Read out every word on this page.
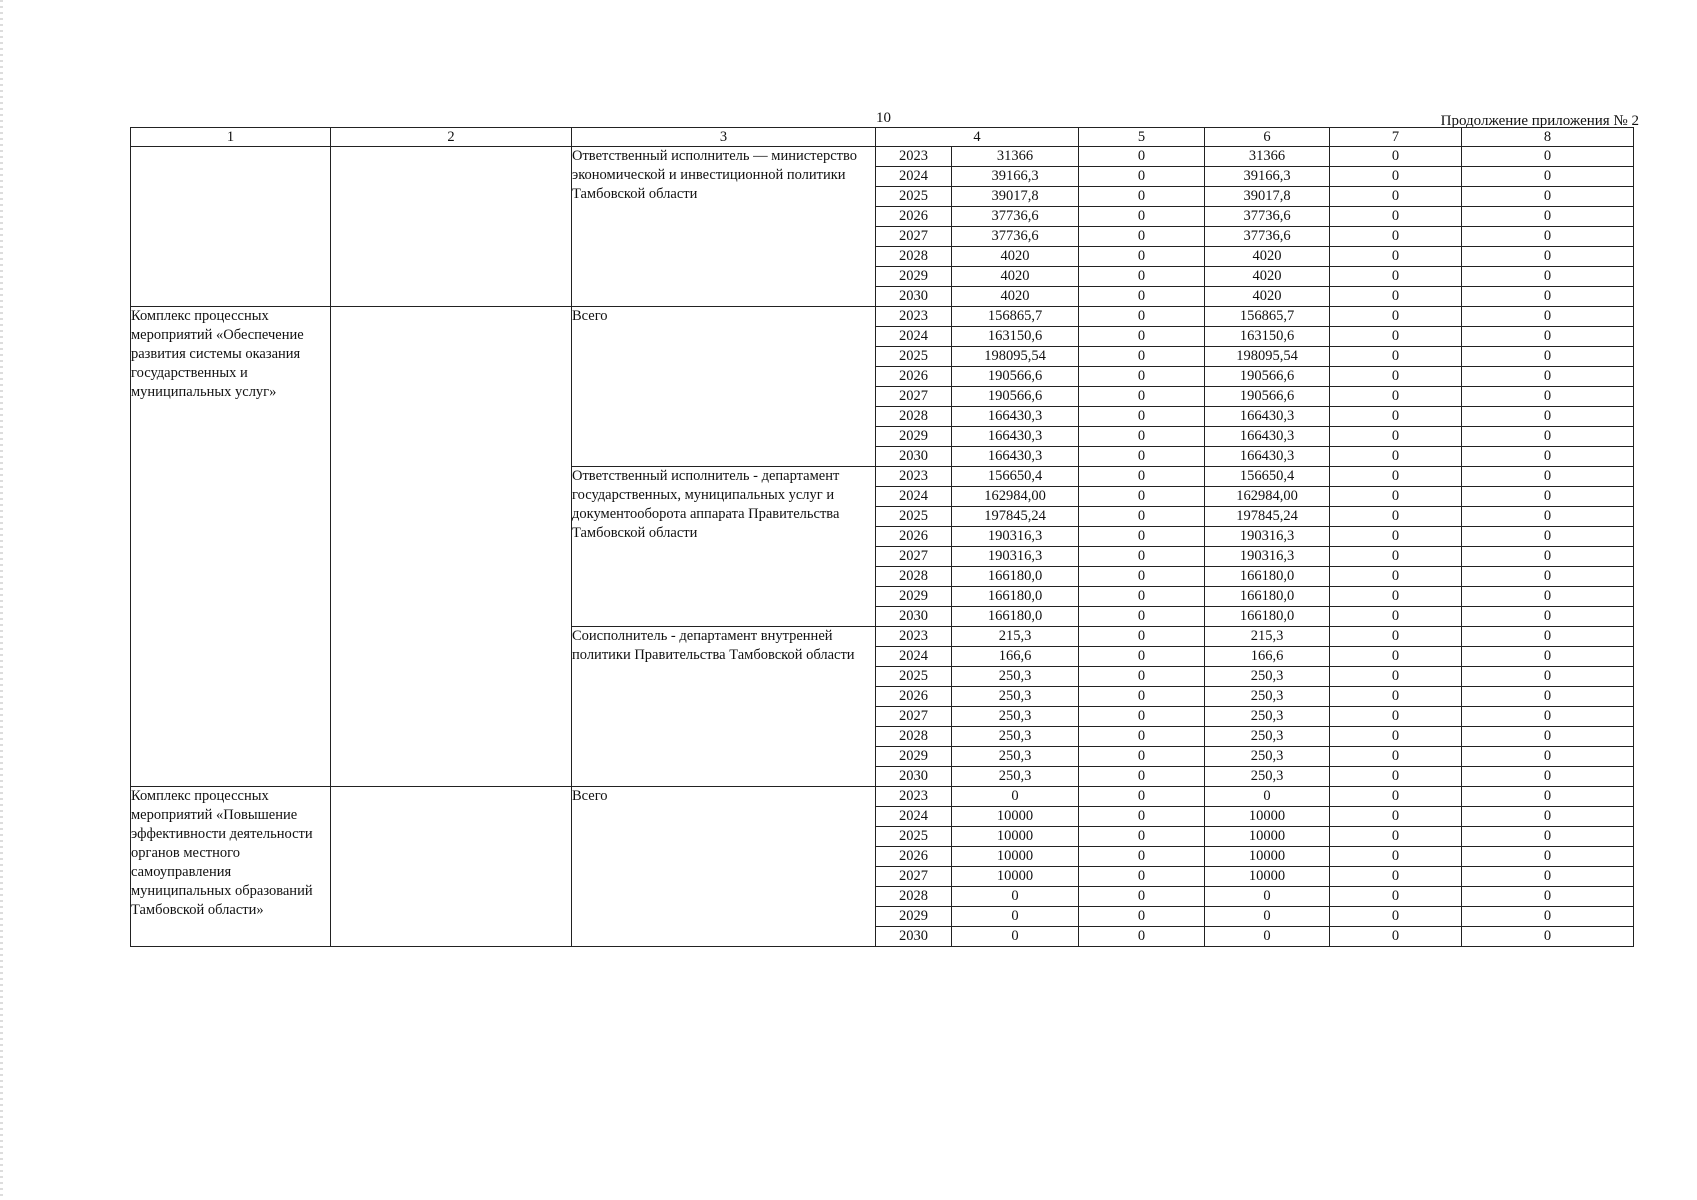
10	Продолжение приложения № 2
1	2	3	4		5	6	7	8
		Ответственный исполнитель — министерство экономической и инвестиционной политики Тамбовской области	2023	31366	0	31366	0	0
			2024	39166,3	0	39166,3	0	0
			2025	39017,8	0	39017,8	0	0
			2026	37736,6	0	37736,6	0	0
			2027	37736,6	0	37736,6	0	0
			2028	4020	0	4020	0	0
			2029	4020	0	4020	0	0
			2030	4020	0	4020	0	0
Комплекс процессных мероприятий «Обеспечение развития системы оказания государственных и муниципальных услуг»		Всего	2023	156865,7	0	156865,7	0	0
			2024	163150,6	0	163150,6	0	0
			2025	198095,54	0	198095,54	0	0
			2026	190566,6	0	190566,6	0	0
			2027	190566,6	0	190566,6	0	0
			2028	166430,3	0	166430,3	0	0
			2029	166430,3	0	166430,3	0	0
			2030	166430,3	0	166430,3	0	0
		Ответственный исполнитель - департамент государственных, муниципальных услуг и документооборота аппарата Правительства Тамбовской области	2023	156650,4	0	156650,4	0	0
			2024	162984,00	0	162984,00	0	0
			2025	197845,24	0	197845,24	0	0
			2026	190316,3	0	190316,3	0	0
			2027	190316,3	0	190316,3	0	0
			2028	166180,0	0	166180,0	0	0
			2029	166180,0	0	166180,0	0	0
			2030	166180,0	0	166180,0	0	0
		Соисполнитель - департамент внутренней политики Правительства Тамбовской области	2023	215,3	0	215,3	0	0
			2024	166,6	0	166,6	0	0
			2025	250,3	0	250,3	0	0
			2026	250,3	0	250,3	0	0
			2027	250,3	0	250,3	0	0
			2028	250,3	0	250,3	0	0
			2029	250,3	0	250,3	0	0
			2030	250,3	0	250,3	0	0
Комплекс процессных мероприятий «Повышение эффективности деятельности органов местного самоуправления муниципальных образований Тамбовской области»		Всего	2023	0	0	0	0	0
			2024	10000	0	10000	0	0
			2025	10000	0	10000	0	0
			2026	10000	0	10000	0	0
			2027	10000	0	10000	0	0
			2028	0	0	0	0	0
			2029	0	0	0	0	0
			2030	0	0	0	0	0
